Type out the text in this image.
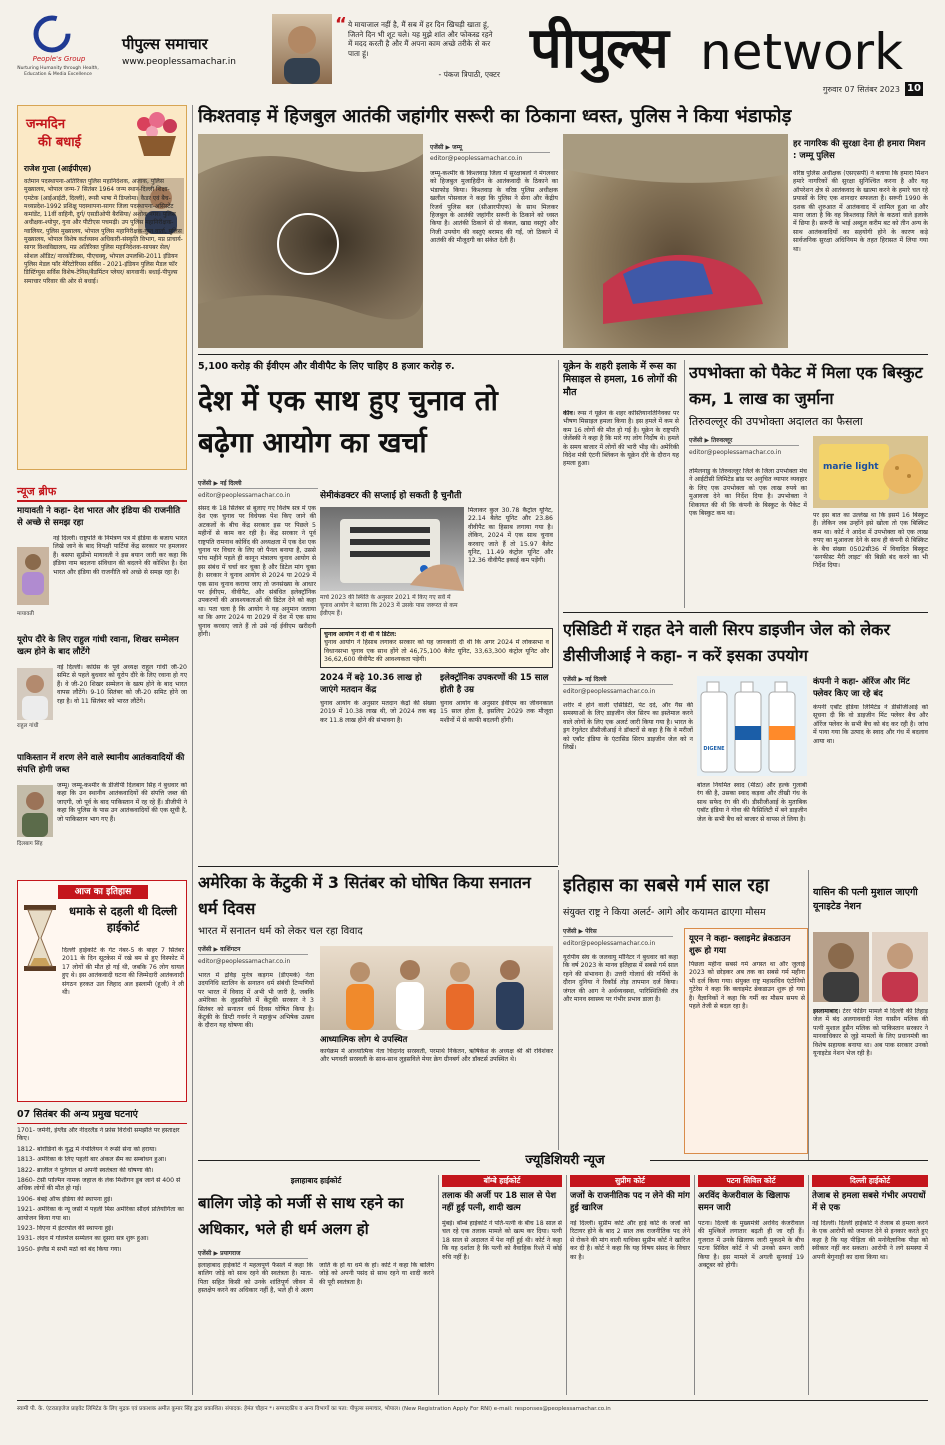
People's Group
Nurturing Humanity through Health, Education & Media Excellence
पीपुल्स समाचार
www.peoplessamachar.in
“ ये मायाजाल नहीं है, मैं सब में हर दिन खिचड़ी खाता हूं, जितने दिन भी शूट चले। यह मुझे शांत और फोकस्ड रहने में मदद करती है और मैं अपना काम अच्छे तरीके से कर पाता हूं।
- पंकज त्रिपाठी, एक्टर पीपुल्स network
गुरुवार 07 सितंबर 2023 10
जन्मदिन
की बधाई
राजेश गुप्ता (आईपीएस)
वर्तमान पदस्थापना-अतिरिक्त पुलिस महानिदेशक, अजाक, पुलिस मुख्यालय, भोपाल जन्म-7 सितंबर 1964 जन्म स्थान-दिल्ली शिक्षा-एमटेक (आईआईटी, दिल्ली), रूसी भाषा में डिप्लोमा। कैडर एवं बैच-मध्यप्रदेश-1992 प्रशिक्षु पदस्थापना-सागर जिला पदस्थापना-असिस्टेंट कमांडेंट, 11वीं वाहिनी, दुर्ग/ एसडीओपी बैरसिया/ अशोक नगर। पुलिस अधीक्षक-श्योपुर, गुना और पीटीएस पचमढ़ी। उप पुलिस महानिरीक्षक-ग्वालियर, पुलिस मुख्यालय, भोपाल पुलिस महानिरीक्षक-गुप्त वार्ता, पुलिस मुख्यालय, भोपाल विशेष कर्तव्यस्थ अधिकारी-संस्कृति विभाग, मप्र प्राचार्य-सागर विश्वविद्यालय, मप्र अतिरिक्त पुलिस महानिदेशक-सायबर सेल/ सोशल ऑडिट/ नारकोटिक्स, पीएचक्यू, भोपाल उपलब्धि-2011 इंडियन पुलिस मेडल फॉर मेरिटोरियस सर्विस - 2021-इंडियन पुलिस मैडल फॉर डिस्टिंग्युस सर्विस विशेष-टेनिस/बैडमिंटन प्लेयर/ बागवानी। बधाई-पीपुल्स समाचार परिवार की ओर से बधाई।
न्यूज ब्रीफ
मायावती ने कहा- देश भारत और इंडिया की राजनीति से अच्छे से समझ रहा
मायावती
नई दिल्ली। राष्ट्रपति के निमंत्रण पत्र में इंडिया के बजाय भारत लिखे जाने के बाद विपक्षी पार्टियां केंद्र सरकार पर हमलावर हैं। बसपा सुप्रीमो मायावती ने इस बयान जारी कर कहा कि इंडिया नाम बदलना संविधान की बदलने की कोशिश है। देश भारत और इंडिया की राजनीति को अच्छे से समझ रहा है।
यूरोप दौरे के लिए राहुल गांधी रवाना, शिखर सम्मेलन खत्म होने के बाद लौटेंगे
राहुल गांधी
नई दिल्ली। कांग्रेस के पूर्व अध्यक्ष राहुल गांधी जी-20 समिट से पहले बुधवार को यूरोप दौरे के लिए रवाना हो गए हैं। वे जी-20 शिखर सम्मेलन के खत्म होने के बाद भारत वापस लौटेंगे। 9-10 सितंबर को जी-20 समिट होने जा रहा है। वो 11 सितंबर को भारत लौटेंगे।
पाकिस्तान में शरण लेने वाले स्थानीय आतंकवादियों की संपत्ति होगी जब्त
दिलबाग सिंह
जम्मू। जम्मू-कश्मीर के डीजीपी दिलबाग सिंह ने बुधवार को कहा कि उन स्थानीय आतंकवादियों की संपत्ति जब्त की जाएगी, जो पूर्व के बाद पाकिस्तान में रह रहे हैं। डीजीपी ने कहा कि पुलिस के पास उन आतंकवादियों की एक सूची है, जो पाकिस्तान भाग गए हैं।
आज का इतिहास
धमाके से दहली थी दिल्ली हाईकोर्ट
दिल्ली हाईकोर्ट के गेट नंबर-5 के बाहर 7 सितंबर 2011 के दिन सूटकेस में रखे बम से हुए विस्फोट में 17 लोगों की मौत हो गई थी, जबकि 76 लोग घायल हुए थे। इस आतंकवादी घटना की जिम्मेदारी आतंकवादी संगठन हरकत उल जिहाद अल इस्लामी (हूजी) ने ली थी।
07 सितंबर की अन्य प्रमुख घटनाएं
1701- जर्मनी, इंग्लैंड और नीदरलैंड ने फ्रांस विरोधी समझौते पर हस्ताक्षर किए।
1812- बोरोडिनो के युद्ध में नेपोलियन ने रूसी सेना को हराया।
1813- अमेरिका के लिए पहली बार अंकल सैम का सम्बोधन हुआ।
1822- ब्राजील ने पुर्तगाल से अपनी स्वतंत्रता की घोषणा की।
1860- टेसी पाल्मिन नामक जहाज के लेक मिशीगन डूब जाने से 400 से अधिक लोगों की मौत हो गई।
1906- बंबई ऑफ इंडिया की स्थापना हुई।
1921- अमेरिका के न्यू जर्सी में पहली मिस अमेरिका सौंदर्य प्रतियोगिता का आयोजन किया गया था।
1923- विएना में इंटरपोल की स्थापना हुई।
1931- लंदन में गोलमेज सम्मेलन का दूसरा सत्र शुरू हुआ।
1950- इंग्लैंड में सभी मठों को बंद किया गया।
किश्तवाड़ में हिजबुल आतंकी जहांगीर सरूरी का ठिकाना ध्वस्त, पुलिस ने किया भंडाफोड़
एजेंसी ▶ जम्मू
editor@peoplessamachar.co.in
जम्मू-कश्मीर के किश्तवाड़ जिला में सुरक्षाबलों ने मंगलवार को हिजबुल मुजाहिदीन के आतंकवादी के ठिकाने का भंडाफोड़ किया। किश्तवाड़ के वरिष्ठ पुलिस अधीक्षक खलील पोसवाल ने कहा कि पुलिस ने सेना और केंद्रीय रिजर्व पुलिस बल (सीआरपीएफ) के साथ मिलकर हिजबुल के आतंकी जहांगीर सरूरी के ठिकाने को ध्वस्त किया है। आतंकी ठिकाने से दो कंबल, खाद्य वस्तुएं और निजी उपयोग की वस्तुएं बरामद की गईं, जो ठिकाने में आतंकी की मौजूदगी का संकेत देती हैं।
हर नागरिक की सुरक्षा देना ही हमारा मिशन : जम्मू पुलिस
वरिष्ठ पुलिस अधीक्षक (एसएसपी) ने बताया कि हमारा मिशन हमारे नागरिकों की सुरक्षा सुनिश्चित करना है और यह ऑपरेशन क्षेत्र से आतंकवाद के खात्मा करने के हमारे चल रहे प्रयासों के लिए एक शानदार सफलता है। सरूरी 1990 के दशक की शुरुआत में आतंकवाद में शामिल हुआ था और माना जाता है कि वह किश्तवाड़ जिले के कठवां वाले इलाके में छिपा है। सरूरी के भाई अब्दुल करीम बट को तीन अन्य के साथ आतंकवादियों का सहयोगी होने के कारण कड़े सार्वजनिक सुरक्षा अधिनियम के तहत हिरासत में लिया गया था।
5,100 करोड़ की ईवीएम और वीवीपैट के लिए चाहिए 8 हजार करोड़ रु.
देश में एक साथ हुए चुनाव तो बढ़ेगा आयोग का खर्चा
एजेंसी ▶ नई दिल्ली
editor@peoplessamachar.co.in
संसद के 18 सितंबर से बुलाए गए विशेष सत्र में एक देश एक चुनाव पर विधेयक पेश किए जाने की अटकलों के बीच केंद्र सरकार इस पर पिछले 5 महीनों से काम कर रही है। केंद्र सरकार ने पूर्व राष्ट्रपति रामनाथ कोविंद की अध्यक्षता में एक देश एक चुनाव पर विचार के लिए जो पैनल बनाया है, उससे पांच महीने पहले ही कानून मंत्रालय चुनाव आयोग से इस संबंध में चर्चा कर चुका है और डिटेल मांग चुका है। सरकार ने चुनाव आयोग से 2024 या 2029 में एक साथ चुनाव कराया जाए तो जनसंख्या के आधार पर ईवीएम, वीवीपैट, और संबंधित इलेक्ट्रॉनिक उपकरणों की आवश्यकताओं की डिटेल देने को कहा था। पता चला है कि आयोग ने यह अनुमान जताया था कि अगर 2024 या 2029 में देश में एक साथ चुनाव करवाए जाते हैं तो उसे नई ईवीएम खरीदनी होंगी।
सेमीकंडक्टर की सप्लाई हो सकती है चुनौती
मार्च 2023 की स्थिति के अनुसार 2021 में किए गए सर्वे में चुनाव आयोग ने बताया कि 2023 में उसके पास जरूरत से कम ईवीएम हैं।
मिलाकर कुल 30.78 कैंट्रोल यूनिट, 22.14 बैलेट यूनिट और 23.86 वीवीपैट का हिसाब लगाया गया है। लेकिन, 2024 में एक साथ चुनाव करवाए जाते हैं तो 15.97 बैलेट यूनिट, 11.49 कंट्रोल यूनिट और 12.36 वीवीपैट इकाई कम पड़ेंगी।
चुनाव आयोग ने दी थी ये डिटेल:
चुनाव आयोग ने हिसाब लगाकर सरकार को यह जानकारी दी थी कि अगर 2024 में लोकसभा व विधानसभा चुनाव एक साथ होंगे तो 46,75,100 बैलेट यूनिट, 33,63,300 कंट्रोल यूनिट और 36,62,600 वीवीपैट की आवश्यकता पड़ेगी।
2024 में बढ़े 10.36 लाख हो जाएंगे मतदान केंद्र
चुनाव आयोग के अनुसार मतदान केंद्रों की संख्या 2019 में 10.38 लाख थी, जो 2024 तक बढ़ कर 11.8 लाख होने की संभावना है।
इलेक्ट्रॉनिक उपकरणों की 15 साल होती है उम्र
चुनाव आयोग के अनुसार ईवीएम का जीवनकाल 15 साल होता है, इसलिए 2029 तक मौजूदा मशीनों में से काफी बदलनी होंगी।
यूक्रेन के शहरी इलाके में रूस का मिसाइल से हमला, 16 लोगों की मौत
कीव। रूस ने यूक्रेन के शहर कोस्तियानतिनिवका पर भीषण मिसाइल हमला किया है। इस हमले में कम से कम 16 लोगों की मौत हो गई है। यूक्रेन के राष्ट्रपति जेलेंस्की ने कहा है कि मारे गए लोग निर्दोष थे। हमले के समय बाजार में लोगों की भारी भीड़ थी। अमेरिकी विदेश मंत्री एंटनी ब्लिंकन के यूक्रेन दौरे के दौरान यह हमला हुआ।
उपभोक्ता को पैकेट में मिला एक बिस्कुट कम, 1 लाख का जुर्माना
तिरुवल्लूर की उपभोक्ता अदालत का फैसला
एजेंसी ▶ तिरुवल्लूर
editor@peoplessamachar.co.in
marie light
तमिलनाडु के तिरुवल्लूर जिले के जिला उपभोक्ता मंच ने आईटीसी लिमिटेड ब्रांड पर अनुचित व्यापार व्यवहार के लिए एक उपभोक्ता को एक लाख रुपये का मुआवजा देने का निर्देश दिया है। उपभोक्ता ने शिकायत की थी कि कंपनी के बिस्कुट के पैकेट में एक बिस्कुट कम था।	पर इस बात का उल्लेख था कि इसमें 16 बिस्कुट हैं। लेकिन जब उन्होंने इसे खोला तो एक बिस्किट कम था। कोर्ट ने आदेश में उपभोक्ता को एक लाख रुपए का मुआवजा देने के साथ ही कंपनी से बिस्किट के बैच संख्या 0502सी36 में विवादित बिस्कुट 'सनफीस्ट मैरी लाइट' की बिक्री बंद करने का भी निर्देश दिया।
एसिडिटी में राहत देने वाली सिरप डाइजीन जेल को लेकर डीसीजीआई ने कहा- न करें इसका उपयोग
एजेंसी ▶ नई दिल्ली
editor@peoplessamachar.co.in
शरीर में होने वाली एसिडिटी, पेट दर्द, और गैस की समस्याओं के लिए डाइजीन जेल सिरप का इस्तेमाल करने वाले लोगों के लिए एक अलर्ट जारी किया गया है। भारत के ड्रग रेगुलेटर डीसीजीआई ने डॉक्टरों से कहा है कि वे मरीजों को एबॉट इंडिया के एंटासिड सिरप डाइजीन जेल को न लिखें।	DIGENE
बोतल नियमित स्वाद (मीठा) और हल्के गुलाबी रंग की है, उसका स्वाद कड़वा और तीखी गंध के साथ सफेद रंग की थी। डीसीजीआई के मुताबिक एबॉट इंडिया ने गोवा की फैसिलिटी में बने डाइजीन जेल के सभी बैच को बाजार से वापस ले लिया है।
कंपनी ने कहा- ऑरेंज और मिंट फ्लेवर किए जा रहे बंद
कंपनी एबॉट इंडिया लिमिटेड ने डीसीजीआई को सूचना दी कि वो डाइजीन मिंट फ्लेवर बैच और ऑरेंज फ्लेवर के सभी बैच को बंद कर रही है। जांच में पाया गया कि उत्पाद के स्वाद और गंध में बदलाव आया था।
अमेरिका के केंटुकी में 3 सितंबर को घोषित किया सनातन धर्म दिवस
भारत में सनातन धर्म को लेकर चल रहा विवाद
एजेंसी ▶ वाशिंगटन
editor@peoplessamachar.co.in
भारत में द्रविड़ मुनेत्र कड़गम (डीएमके) नेता उदयनिधि स्टालिन के सनातन धर्म संबंधी टिप्पणियों पर भारत में विवाद में अभी भी जारी है, जबकि अमेरिका के लुइसविले में केंटुकी सरकार ने 3 सितंबर को सनातन धर्म दिवस घोषित किया है। केंटुकी के डिप्टी गवर्नर ने महाकुंभ अभिषेक उत्सव के दौरान यह घोषणा की।
आध्यात्मिक लोग थे उपस्थित
कार्यक्रम में आध्यात्मिक नेता चिदानंद सरस्वती, परमार्थ निकेतन, ऋषिकेश के अध्यक्ष श्री श्री रविशंकर और भगवती सरस्वती के साथ-साथ लुइसविले मेयर क्रेग ग्रीनबर्ग और डॉक्टर्स उपस्थित थे।
इतिहास का सबसे गर्म साल रहा
संयुक्त राष्ट्र ने किया अलर्ट- आगे और कयामत ढाएगा मौसम
एजेंसी ▶ पेरिस
editor@peoplessamachar.co.in
यूरोपीय संघ के जलवायु मॉनिटर ने बुधवार को कहा कि वर्ष 2023 के मानव इतिहास में सबसे गर्म साल रहने की संभावना है। उत्तरी गोलार्ध की गर्मियों के दौरान दुनिया ने रिकॉर्ड तोड़ तापमान दर्ज किया। जंगल की आग ने अर्थव्यवस्था, पारिस्थितिकी तंत्र और मानव स्वास्थ्य पर गंभीर प्रभाव डाला है।
यूएन ने कहा- क्लाइमेट ब्रेकडाउन शुरू हो गया
पिछला महीना सबसे गर्म अगस्त था और जुलाई 2023 को छोड़कर अब तक का सबसे गर्म महीना भी दर्ज किया गया। संयुक्त राष्ट्र महासचिव एंटोनियो गुटेरेस ने कहा कि क्लाइमेट ब्रेकडाउन शुरू हो गया है। वैज्ञानिकों ने कहा कि गर्मी का मौसम समय से पहले तेजी से बदल रहा है।
यासिन की पत्नी मुशाल जाएगी यूनाइटेड नेशन
इस्लामाबाद। टेरर फंडिंग मामले में दिल्ली की तिहाड़ जेल में बंद अलगाववादी नेता यासीन मलिक की पत्नी मुशाल हुसैन मलिक को पाकिस्तान सरकार ने मानवाधिकार से जुड़े मामलों के लिए प्रधानमंत्री का विशेष सहायक बनाया था। अब पाक सरकार उनको यूनाइटेड नेशन भेज रही है।
ज्यूडिशियरी न्यूज
इलाहाबाद हाईकोर्ट
बालिग जोड़े को मर्जी से साथ रहने का अधिकार, भले ही धर्म अलग हो
एजेंसी ▶ प्रयागराज
इलाहाबाद हाईकोर्ट ने महत्वपूर्ण फैसले में कहा कि बालिग जोड़े को साथ रहने की स्वतंत्रता है। माता-पिता सहित किसी को उनके शांतिपूर्ण जीवन में हस्तक्षेप करने का अधिकार नहीं है, भले ही वे अलग जाति के हों या धर्म के हों। कोर्ट ने कहा कि बालिग जोड़े को अपनी पसंद से साथ रहने या शादी करने की पूरी स्वतंत्रता है।
बॉम्बे हाईकोर्ट
तलाक की अर्जी पर 18 साल से पेश नहीं हुई पत्नी, शादी खत्म
मुंबई। बॉम्बे हाईकोर्ट ने पति-पत्नी के बीच 18 साल से चल रहे एक तलाक मामले को खत्म कर दिया। पत्नी 18 साल से अदालत में पेश नहीं हुई थी। कोर्ट ने कहा कि यह दर्शाता है कि पत्नी को वैवाहिक रिश्ते में कोई रुचि नहीं है।
सुप्रीम कोर्ट
जजों के राजनीतिक पद न लेने की मांग हुई खारिज
नई दिल्ली। सुप्रीम कोर्ट और हाई कोर्ट के जजों को रिटायर होने के बाद 2 साल तक राजनीतिक पद लेने से रोकने की मांग वाली याचिका सुप्रीम कोर्ट ने खारिज कर दी है। कोर्ट ने कहा कि यह विषय संसद के विचार का है।
पटना सिविल कोर्ट
अरविंद केजरीवाल के खिलाफ समन जारी
पटना। दिल्ली के मुख्यमंत्री अरविंद केजरीवाल की मुश्किलें लगातार बढ़ती ही जा रही हैं। गुजरात में उनके खिलाफ जारी मुकदमे के बीच पटना सिविल कोर्ट ने भी उनको समन जारी किया है। इस मामले में अगली सुनवाई 19 अक्टूबर को होगी।
दिल्ली हाईकोर्ट
तेजाब से हमला सबसे गंभीर अपराधों में से एक
नई दिल्ली। दिल्ली हाईकोर्ट ने तेजाब से हमला करने के एक आरोपी को जमानत देने से इनकार करते हुए कहा है कि यह पीड़िता की मनोवैज्ञानिक पीड़ा को स्वीकार नहीं कर सकता। आरोपी ने लगे समस्या में अपनी बेगुनाही का दावा किया था।
स्वामी पी. के. एंटरप्राइजेज प्राइवेट लिमिटेड के लिए मुद्रक एवं प्रकाशक अमीत कुमार सिंह द्वारा प्रकाशित। संपादक: हेमंत चौहान *। सम्पादकीय व अन्य विभागों का पता: पीपुल्स समाचार, भोपाल। (New Registration Apply For RNI) e-mail: responses@peoplessamachar.co.in
